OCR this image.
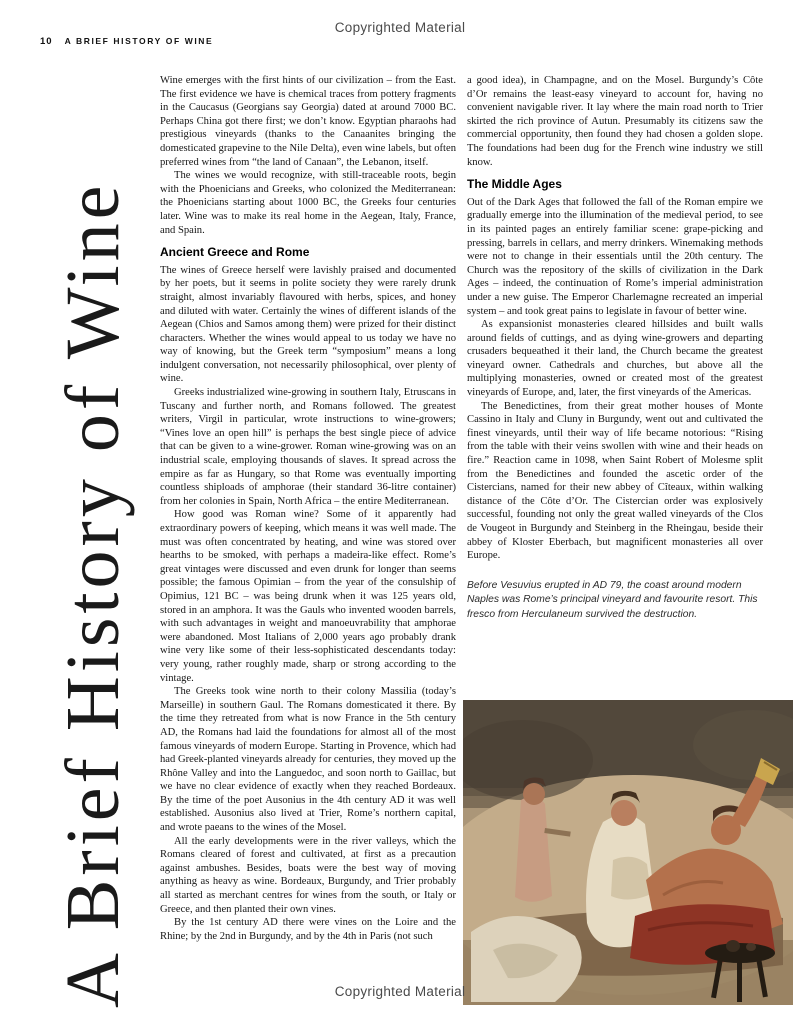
Copyrighted Material
10 A BRIEF HISTORY OF WINE
A Brief History of Wine

Wine emerges with the first hints of our civilization – from the East. The first evidence we have is chemical traces from pottery fragments in the Caucasus (Georgians say Georgia) dated at around 7000 BC. Perhaps China got there first; we don’t know. Egyptian pharaohs had prestigious vineyards (thanks to the Canaanites bringing the domesticated grapevine to the Nile Delta), even wine labels, but often preferred wines from “the land of Canaan”, the Lebanon, itself.

The wines we would recognize, with still-traceable roots, begin with the Phoenicians and Greeks, who colonized the Mediterranean: the Phoenicians starting about 1000 BC, the Greeks four centuries later. Wine was to make its real home in the Aegean, Italy, France, and Spain.

Ancient Greece and Rome

The wines of Greece herself were lavishly praised and documented by her poets, but it seems in polite society they were rarely drunk straight, almost invariably flavoured with herbs, spices, and honey and diluted with water. Certainly the wines of different islands of the Aegean (Chios and Samos among them) were prized for their distinct characters. Whether the wines would appeal to us today we have no way of knowing, but the Greek term “symposium” means a long indulgent conversation, not necessarily philosophical, over plenty of wine.

Greeks industrialized wine-growing in southern Italy, Etruscans in Tuscany and further north, and Romans followed. The greatest writers, Virgil in particular, wrote instructions to wine-growers; “Vines love an open hill” is perhaps the best single piece of advice that can be given to a wine-grower. Roman wine-growing was on an industrial scale, employing thousands of slaves. It spread across the empire as far as Hungary, so that Rome was eventually importing countless shiploads of amphorae (their standard 36-litre container) from her colonies in Spain, North Africa – the entire Mediterranean.

How good was Roman wine? Some of it apparently had extraordinary powers of keeping, which means it was well made. The must was often concentrated by heating, and wine was stored over hearths to be smoked, with perhaps a madeira-like effect. Rome’s great vintages were discussed and even drunk for longer than seems possible; the famous Opimian – from the year of the consulship of Opimius, 121 BC – was being drunk when it was 125 years old, stored in an amphora. It was the Gauls who invented wooden barrels, with such advantages in weight and manoeuvrability that amphorae were abandoned. Most Italians of 2,000 years ago probably drank wine very like some of their less-sophisticated descendants today: very young, rather roughly made, sharp or strong according to the vintage.

The Greeks took wine north to their colony Massilia (today’s Marseille) in southern Gaul. The Romans domesticated it there. By the time they retreated from what is now France in the 5th century AD, the Romans had laid the foundations for almost all of the most famous vineyards of modern Europe. Starting in Provence, which had had Greek-planted vineyards already for centuries, they moved up the Rhône Valley and into the Languedoc, and soon north to Gaillac, but we have no clear evidence of exactly when they reached Bordeaux. By the time of the poet Ausonius in the 4th century AD it was well established. Ausonius also lived at Trier, Rome’s northern capital, and wrote paeans to the wines of the Mosel.

All the early developments were in the river valleys, which the Romans cleared of forest and cultivated, at first as a precaution against ambushes. Besides, boats were the best way of moving anything as heavy as wine. Bordeaux, Burgundy, and Trier probably all started as merchant centres for wines from the south, or Italy or Greece, and then planted their own vines.

By the 1st century AD there were vines on the Loire and the Rhine; by the 2nd in Burgundy, and by the 4th in Paris (not such

a good idea), in Champagne, and on the Mosel. Burgundy’s Côte d’Or remains the least-easy vineyard to account for, having no convenient navigable river. It lay where the main road north to Trier skirted the rich province of Autun. Presumably its citizens saw the commercial opportunity, then found they had chosen a golden slope. The foundations had been dug for the French wine industry we still know.

The Middle Ages

Out of the Dark Ages that followed the fall of the Roman empire we gradually emerge into the illumination of the medieval period, to see in its painted pages an entirely familiar scene: grape-picking and pressing, barrels in cellars, and merry drinkers. Winemaking methods were not to change in their essentials until the 20th century. The Church was the repository of the skills of civilization in the Dark Ages – indeed, the continuation of Rome’s imperial administration under a new guise. The Emperor Charlemagne recreated an imperial system – and took great pains to legislate in favour of better wine.

As expansionist monasteries cleared hillsides and built walls around fields of cuttings, and as dying wine-growers and departing crusaders bequeathed it their land, the Church became the greatest vineyard owner. Cathedrals and churches, but above all the multiplying monasteries, owned or created most of the greatest vineyards of Europe, and, later, the first vineyards of the Americas.

The Benedictines, from their great mother houses of Monte Cassino in Italy and Cluny in Burgundy, went out and cultivated the finest vineyards, until their way of life became notorious: “Rising from the table with their veins swollen with wine and their heads on fire.” Reaction came in 1098, when Saint Robert of Molesme split from the Benedictines and founded the ascetic order of the Cistercians, named for their new abbey of Cîteaux, within walking distance of the Côte d’Or. The Cistercian order was explosively successful, founding not only the great walled vineyards of the Clos de Vougeot in Burgundy and Steinberg in the Rheingau, beside their abbey of Kloster Eberbach, but magnificent monasteries all over Europe.

Before Vesuvius erupted in AD 79, the coast around modern Naples was Rome’s principal vineyard and favourite resort. This fresco from Herculaneum survived the destruction.
Copyrighted Material
